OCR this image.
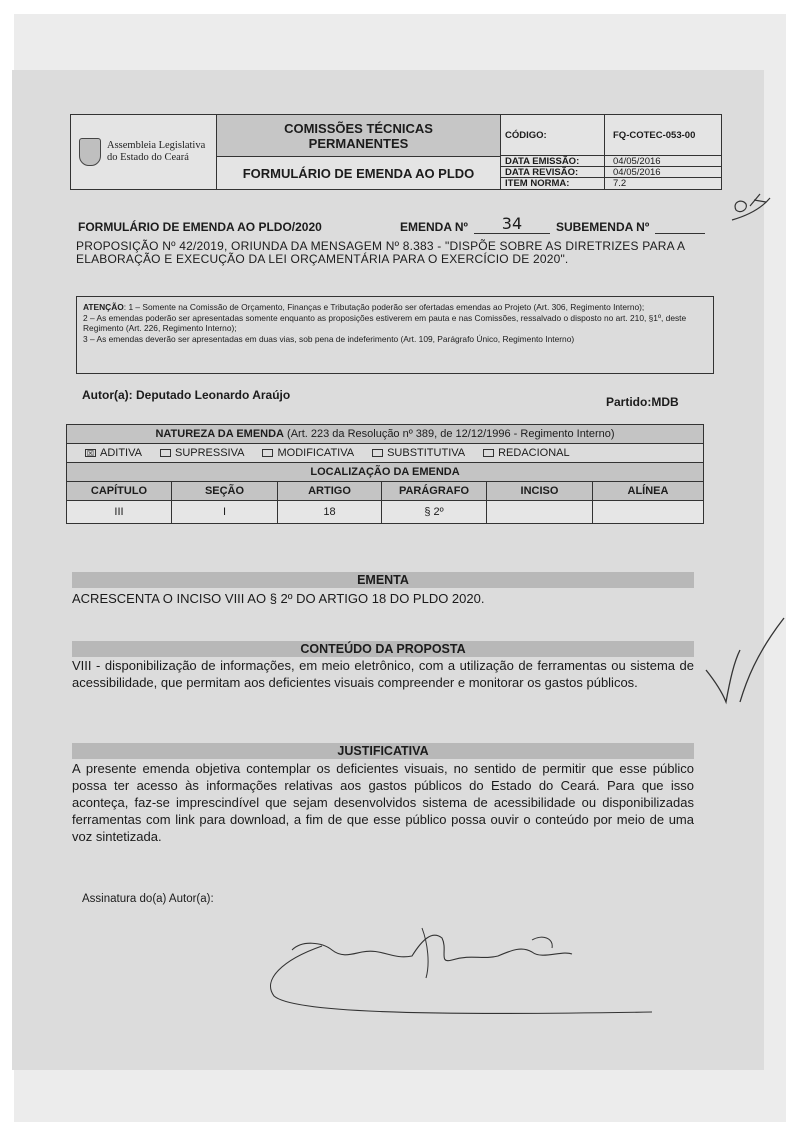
Assembleia Legislativa
do Estado do Ceará
COMISSÕES TÉCNICAS PERMANENTES
FORMULÁRIO DE EMENDA AO PLDO
CÓDIGO:	FQ-COTEC-053-00
DATA EMISSÃO:	04/05/2016
DATA REVISÃO:	04/05/2016
ITEM NORMA:	7.2
FORMULÁRIO DE EMENDA AO PLDO/2020	EMENDA Nº	34	SUBEMENDA Nº
PROPOSIÇÃO Nº 42/2019, ORIUNDA DA MENSAGEM Nº 8.383 - "DISPÕE SOBRE AS DIRETRIZES PARA A ELABORAÇÃO E EXECUÇÃO DA LEI ORÇAMENTÁRIA PARA O EXERCÍCIO DE 2020".
ATENÇÃO: 1 – Somente na Comissão de Orçamento, Finanças e Tributação poderão ser ofertadas emendas ao Projeto (Art. 306, Regimento Interno);
2 – As emendas poderão ser apresentadas somente enquanto as proposições estiverem em pauta e nas Comissões, ressalvado o disposto no art. 210, §1º, deste Regimento (Art. 226, Regimento Interno);
3 – As emendas deverão ser apresentadas em duas vias, sob pena de indeferimento (Art. 109, Parágrafo Único, Regimento Interno)
Autor(a): Deputado Leonardo Araújo	Partido:MDB
NATUREZA DA EMENDA (Art. 223 da Resolução nº 389, de 12/12/1996 - Regimento Interno)
☒ ADITIVA	SUPRESSIVA	MODIFICATIVA	SUBSTITUTIVA	REDACIONAL
LOCALIZAÇÃO DA EMENDA
CAPÍTULO	SEÇÃO	ARTIGO	PARÁGRAFO	INCISO	ALÍNEA
III	I	18	§ 2º
EMENTA
ACRESCENTA O INCISO VIII AO § 2º DO ARTIGO 18 DO PLDO 2020.
CONTEÚDO DA PROPOSTA
VIII - disponibilização de informações, em meio eletrônico, com a utilização de ferramentas ou sistema de acessibilidade, que permitam aos deficientes visuais compreender e monitorar os gastos públicos.
JUSTIFICATIVA
A presente emenda objetiva contemplar os deficientes visuais, no sentido de permitir que esse público possa ter acesso às informações relativas aos gastos públicos do Estado do Ceará. Para que isso aconteça, faz-se imprescindível que sejam desenvolvidos sistema de acessibilidade ou disponibilizadas ferramentas com link para download, a fim de que esse público possa ouvir o conteúdo por meio de uma voz sintetizada.
Assinatura do(a) Autor(a):
